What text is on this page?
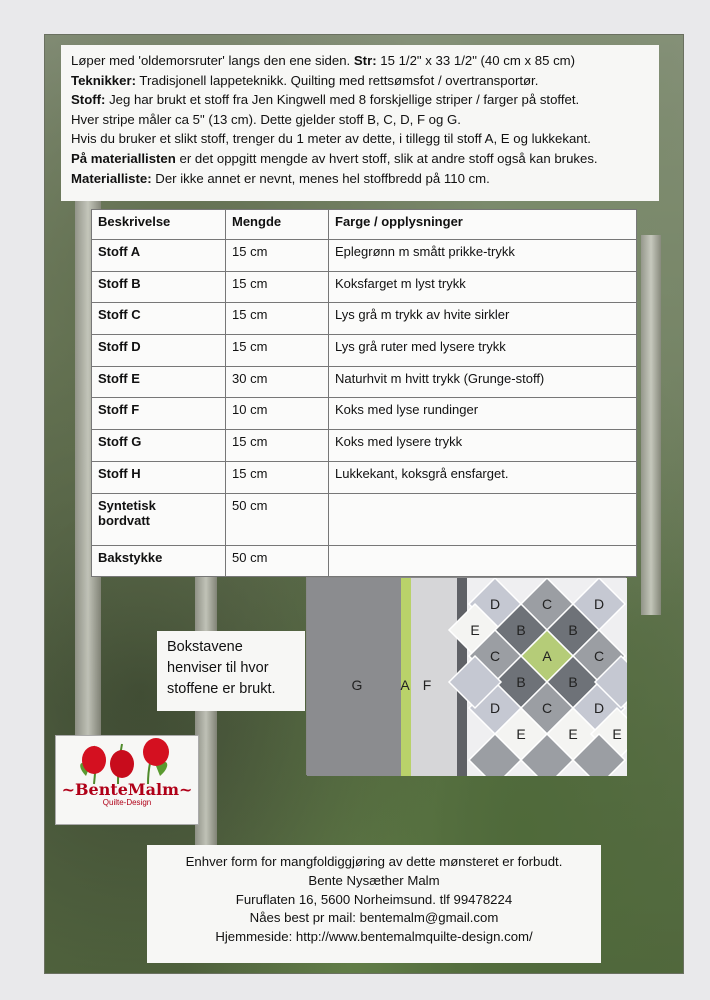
Løper med 'oldemorsruter' langs den ene siden. Str: 15 1/2" x 33 1/2" (40 cm x 85 cm)
Teknikker: Tradisjonell lappeteknikk. Quilting med rettsømsfot / overtransportør.
Stoff: Jeg har brukt et stoff fra Jen Kingwell med 8 forskjellige striper / farger på stoffet.
Hver stripe måler ca 5" (13 cm). Dette gjelder stoff B, C, D, F og G.
Hvis du bruker et slikt stoff, trenger du 1 meter av dette, i tillegg til stoff A, E og lukkekant.
På materiallisten er det oppgitt mengde av hvert stoff, slik at andre stoff også kan brukes.
Materialliste: Der ikke annet er nevnt, menes hel stoffbredd på 110 cm.
Beskrivelse	Mengde	Farge / opplysninger
Stoff A	15 cm	Eplegrønn m smått prikke-trykk
Stoff B	15 cm	Koksfarget m lyst trykk
Stoff C	15 cm	Lys grå m trykk av hvite sirkler
Stoff D	15 cm	Lys grå ruter med lysere trykk
Stoff E	30 cm	Naturhvit m hvitt trykk (Grunge-stoff)
Stoff F	10 cm	Koks med lyse rundinger
Stoff G	15 cm	Koks med lysere trykk
Stoff H	15 cm	Lukkekant, koksgrå ensfarget.
Syntetisk
bordvatt	50 cm	
Bakstykke	50 cm	
Bokstavene
henviser til hvor
stoffene er brukt.	G	A F
D	C	D
E	B	B
C	A	C
B	B
D	C	D
E	E E
~BenteMalm~
Quilte-Design
Enhver form for mangfoldiggjøring av dette mønsteret er forbudt.
Bente Nysæther Malm
Furuflaten 16, 5600 Norheimsund. tlf 99478224
Nåes best pr mail: bentemalm@gmail.com
Hjemmeside: http://www.bentemalmquilte-design.com/
